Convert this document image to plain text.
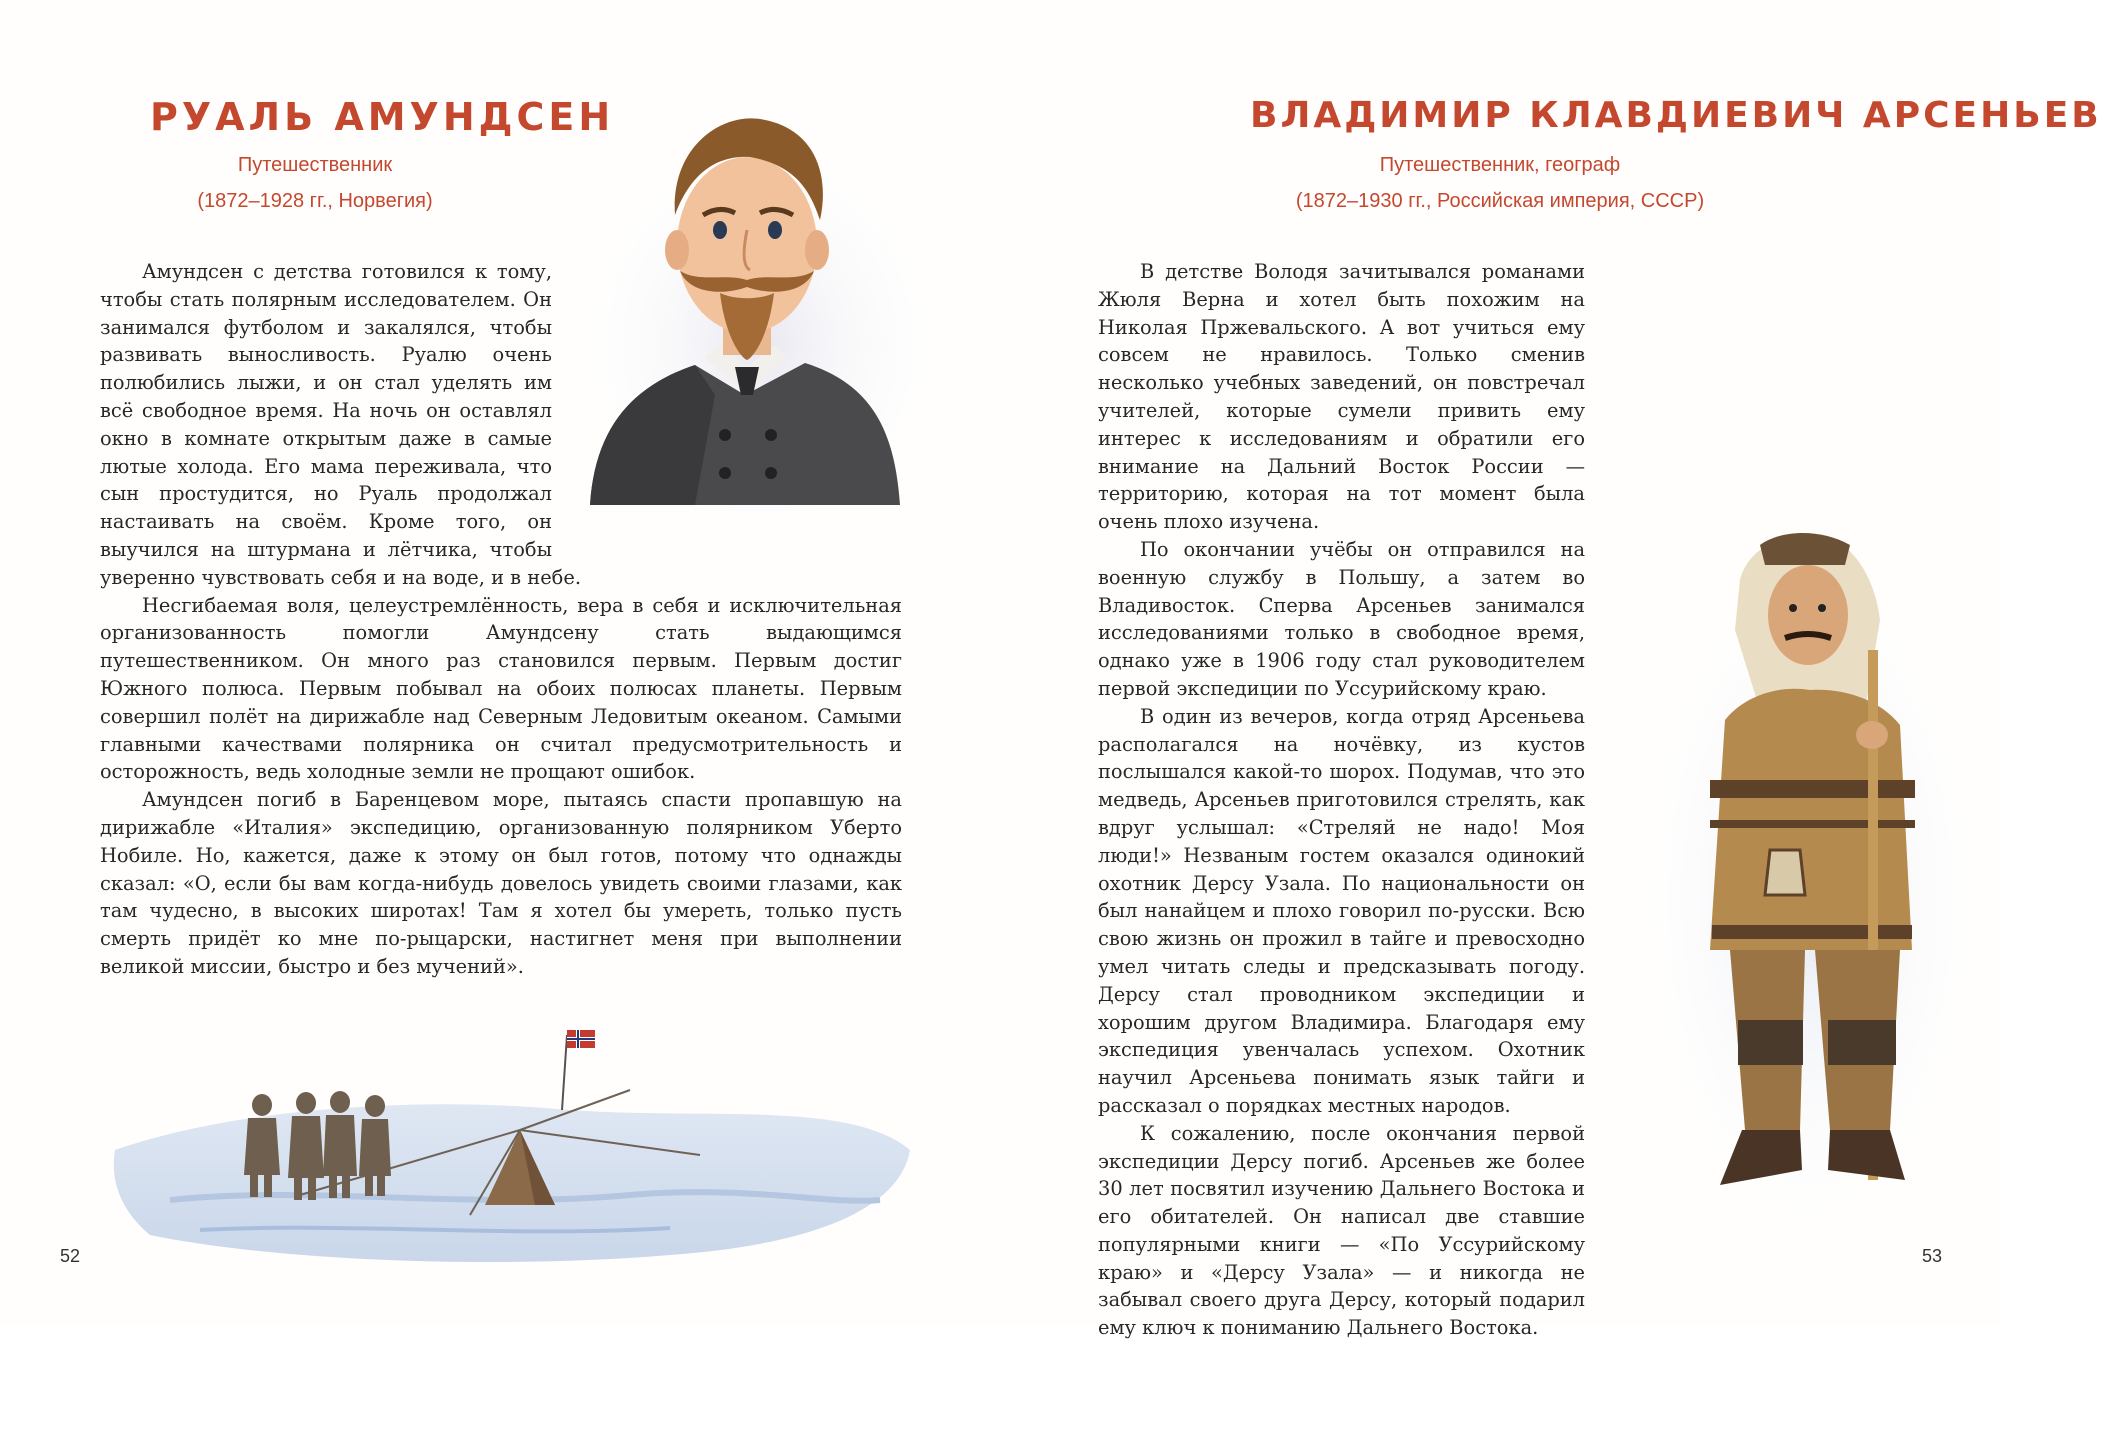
РУАЛЬ АМУНДСЕН
Путешественник
(1872–1928 гг., Норвегия)

Амундсен с детства готовился к тому, чтобы стать полярным исследователем. Он занимался футболом и закалялся, чтобы развивать выносливость. Руалю очень полюбились лыжи, и он стал уделять им всё свободное время. На ночь он оставлял окно в комнате открытым даже в самые лютые холода. Его мама переживала, что сын простудится, но Руаль продолжал настаивать на своём. Кроме того, он выучился на штурмана и лётчика, чтобы уверенно чувствовать себя и на воде, и в небе.

Несгибаемая воля, целеустремлённость, вера в себя и исключительная организованность помогли Амундсену стать выдающимся путешественником. Он много раз становился первым. Первым достиг Южного полюса. Первым побывал на обоих полюсах планеты. Первым совершил полёт на дирижабле над Северным Ледовитым океаном. Самыми главными качествами полярника он считал предусмотрительность и осторожность, ведь холодные земли не прощают ошибок.

Амундсен погиб в Баренцевом море, пытаясь спасти пропавшую на дирижабле «Италия» экспедицию, организованную полярником Уберто Нобиле. Но, кажется, даже к этому он был готов, потому что однажды сказал: «О, если бы вам когда-нибудь довелось увидеть своими глазами, как там чудесно, в высоких широтах! Там я хотел бы умереть, только пусть смерть придёт ко мне по-рыцарски, настигнет меня при выполнении великой миссии, быстро и без мучений».

52
ВЛАДИМИР КЛАВДИЕВИЧ АРСЕНЬЕВ
Путешественник, географ
(1872–1930 гг., Российская империя, СССР)

В детстве Володя зачитывался романами Жюля Верна и хотел быть похожим на Николая Пржевальского. А вот учиться ему совсем не нравилось. Только сменив несколько учебных заведений, он повстречал учителей, которые сумели привить ему интерес к исследованиям и обратили его внимание на Дальний Восток России — территорию, которая на тот момент была очень плохо изучена.

По окончании учёбы он отправился на военную службу в Польшу, а затем во Владивосток. Сперва Арсеньев занимался исследованиями только в свободное время, однако уже в 1906 году стал руководителем первой экспедиции по Уссурийскому краю.

В один из вечеров, когда отряд Арсеньева располагался на ночёвку, из кустов послышался какой-то шорох. Подумав, что это медведь, Арсеньев приготовился стрелять, как вдруг услышал: «Стреляй не надо! Моя люди!» Незваным гостем оказался одинокий охотник Дерсу Узала. По национальности он был нанайцем и плохо говорил по-русски. Всю свою жизнь он прожил в тайге и превосходно умел читать следы и предсказывать погоду. Дерсу стал проводником экспедиции и хорошим другом Владимира. Благодаря ему экспедиция увенчалась успехом. Охотник научил Арсеньева понимать язык тайги и рассказал о порядках местных народов.

К сожалению, после окончания первой экспедиции Дерсу погиб. Арсеньев же более 30 лет посвятил изучению Дальнего Востока и его обитателей. Он написал две ставшие популярными книги — «По Уссурийскому краю» и «Дерсу Узала» — и никогда не забывал своего друга Дерсу, который подарил ему ключ к пониманию Дальнего Востока.

53
